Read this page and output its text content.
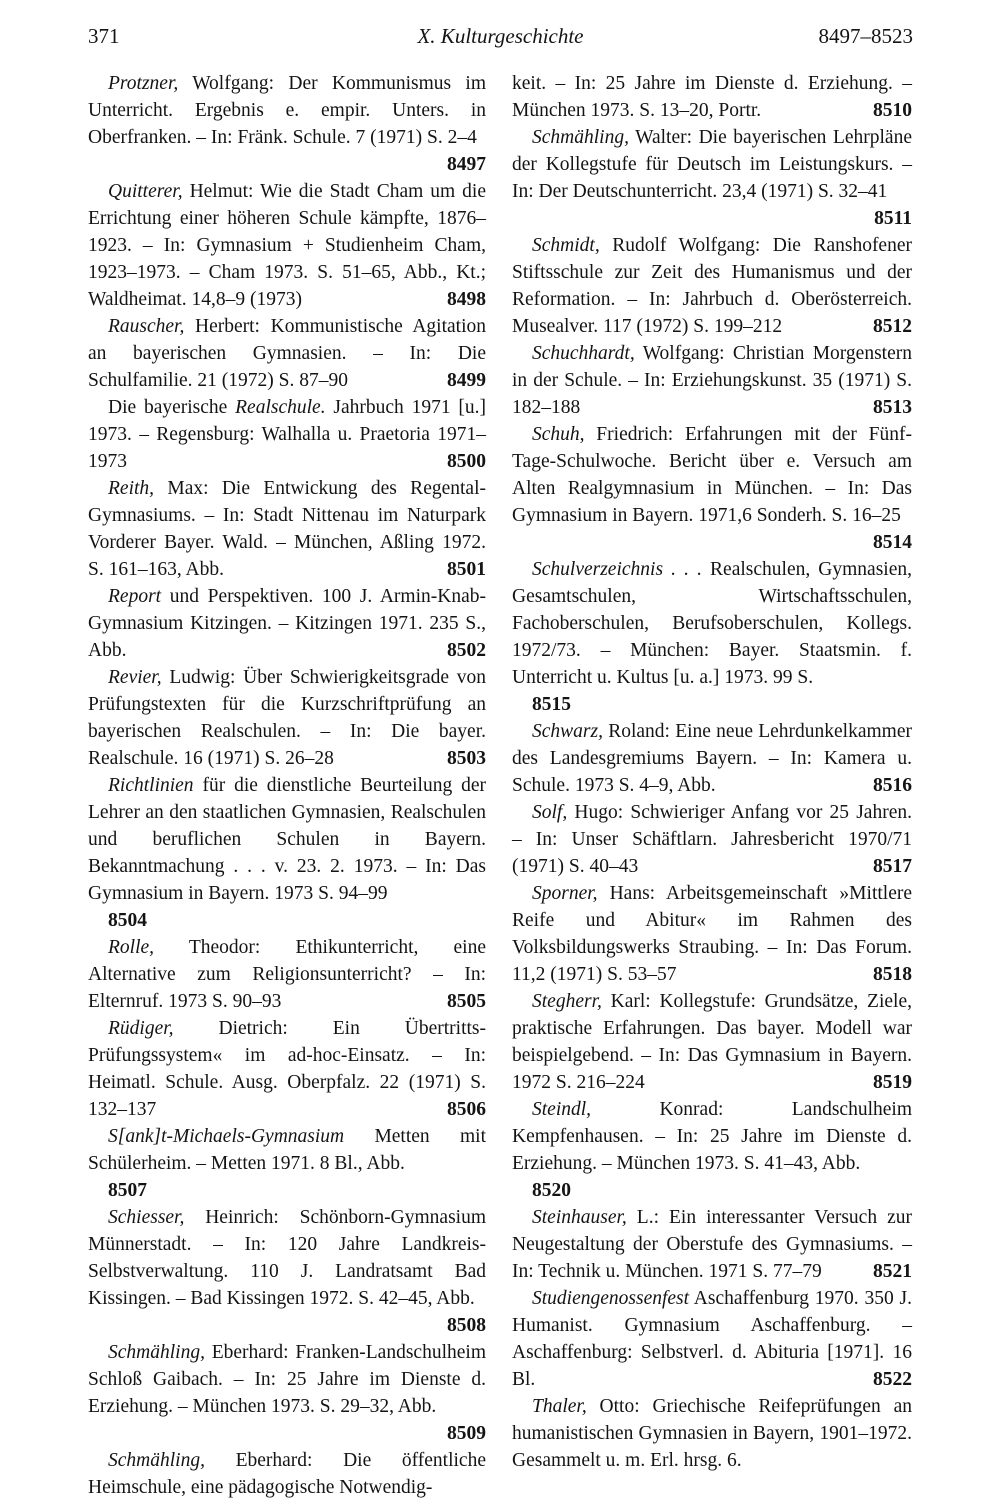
371	X. Kulturgeschichte	8497–8523
Protzner, Wolfgang: Der Kommunismus im Unterricht. Ergebnis e. empir. Unters. in Oberfranken. – In: Fränk. Schule. 7 (1971) S. 2–4
8497
Quitterer, Helmut: Wie die Stadt Cham um die Errichtung einer höheren Schule kämpfte, 1876–1923. – In: Gymnasium + Studienheim Cham, 1923–1973. – Cham 1973. S. 51–65, Abb., Kt.; Waldheimat. 14,8–9 (1973)	8498
Rauscher, Herbert: Kommunistische Agitation an bayerischen Gymnasien. – In: Die Schulfamilie. 21 (1972) S. 87–90	8499
Die bayerische Realschule. Jahrbuch 1971 [u.] 1973. – Regensburg: Walhalla u. Praetoria 1971–1973	8500
Reith, Max: Die Entwickung des Regental-Gymnasiums. – In: Stadt Nittenau im Naturpark Vorderer Bayer. Wald. – München, Aßling 1972. S. 161–163, Abb.	8501
Report und Perspektiven. 100 J. Armin-Knab-Gymnasium Kitzingen. – Kitzingen 1971. 235 S., Abb.	8502
Revier, Ludwig: Über Schwierigkeitsgrade von Prüfungstexten für die Kurzschriftprüfung an bayerischen Realschulen. – In: Die bayer. Realschule. 16 (1971) S. 26–28	8503
Richtlinien für die dienstliche Beurteilung der Lehrer an den staatlichen Gymnasien, Realschulen und beruflichen Schulen in Bayern. Bekanntmachung . . . v. 23. 2. 1973. – In: Das Gymnasium in Bayern. 1973 S. 94–99
8504
Rolle, Theodor: Ethikunterricht, eine Alternative zum Religionsunterricht? – In: Elternruf. 1973 S. 90–93	8505
Rüdiger, Dietrich: Ein Übertritts-Prüfungssystem« im ad-hoc-Einsatz. – In: Heimatl. Schule. Ausg. Oberpfalz. 22 (1971) S. 132–137	8506
S[ank]t-Michaels-Gymnasium Metten mit Schülerheim. – Metten 1971. 8 Bl., Abb.
8507
Schiesser, Heinrich: Schönborn-Gymnasium Münnerstadt. – In: 120 Jahre Landkreis-Selbstverwaltung. 110 J. Landratsamt Bad Kissingen. – Bad Kissingen 1972. S. 42–45, Abb.
8508
Schmähling, Eberhard: Franken-Landschulheim Schloß Gaibach. – In: 25 Jahre im Dienste d. Erziehung. – München 1973. S. 29–32, Abb.
8509
Schmähling, Eberhard: Die öffentliche Heimschule, eine pädagogische Notwendig-
keit. – In: 25 Jahre im Dienste d. Erziehung. – München 1973. S. 13–20, Portr.	8510
Schmähling, Walter: Die bayerischen Lehrpläne der Kollegstufe für Deutsch im Leistungskurs. – In: Der Deutschunterricht. 23,4 (1971) S. 32–41
8511
Schmidt, Rudolf Wolfgang: Die Ranshofener Stiftsschule zur Zeit des Humanismus und der Reformation. – In: Jahrbuch d. Oberösterreich. Musealver. 117 (1972) S. 199–212	8512
Schuchhardt, Wolfgang: Christian Morgenstern in der Schule. – In: Erziehungskunst. 35 (1971) S. 182–188	8513
Schuh, Friedrich: Erfahrungen mit der Fünf-Tage-Schulwoche. Bericht über e. Versuch am Alten Realgymnasium in München. – In: Das Gymnasium in Bayern. 1971,6 Sonderh. S. 16–25
8514
Schulverzeichnis . . . Realschulen, Gymnasien, Gesamtschulen, Wirtschaftsschulen, Fachoberschulen, Berufsoberschulen, Kollegs. 1972/73. – München: Bayer. Staatsmin. f. Unterricht u. Kultus [u. a.] 1973. 99 S.
8515
Schwarz, Roland: Eine neue Lehrdunkelkammer des Landesgremiums Bayern. – In: Kamera u. Schule. 1973 S. 4–9, Abb.	8516
Solf, Hugo: Schwieriger Anfang vor 25 Jahren. – In: Unser Schäftlarn. Jahresbericht 1970/71 (1971) S. 40–43	8517
Sporner, Hans: Arbeitsgemeinschaft »Mittlere Reife und Abitur« im Rahmen des Volksbildungswerks Straubing. – In: Das Forum. 11,2 (1971) S. 53–57	8518
Stegherr, Karl: Kollegstufe: Grundsätze, Ziele, praktische Erfahrungen. Das bayer. Modell war beispielgebend. – In: Das Gymnasium in Bayern. 1972 S. 216–224	8519
Steindl, Konrad: Landschulheim Kempfenhausen. – In: 25 Jahre im Dienste d. Erziehung. – München 1973. S. 41–43, Abb.
8520
Steinhauser, L.: Ein interessanter Versuch zur Neugestaltung der Oberstufe des Gymnasiums. – In: Technik u. München. 1971 S. 77–79	8521
Studiengenossenfest Aschaffenburg 1970. 350 J. Humanist. Gymnasium Aschaffenburg. – Aschaffenburg: Selbstverl. d. Abituria [1971]. 16 Bl.	8522
Thaler, Otto: Griechische Reifeprüfungen an humanistischen Gymnasien in Bayern, 1901–1972. Gesammelt u. m. Erl. hrsg. 6.
